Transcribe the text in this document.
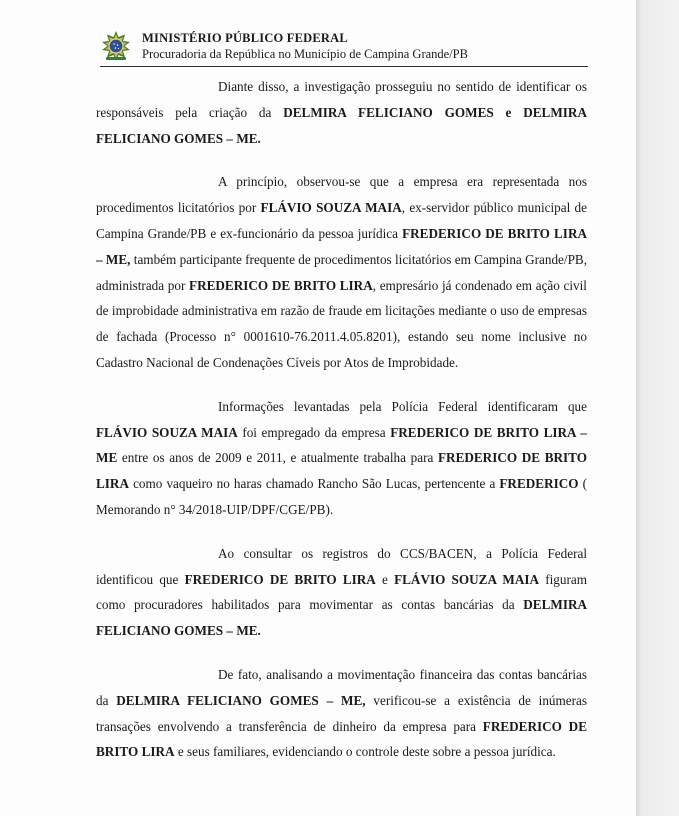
MINISTÉRIO PÚBLICO FEDERAL
Procuradoria da República no Município de Campina Grande/PB

Diante disso, a investigação prosseguiu no sentido de identificar os responsáveis pela criação da DELMIRA FELICIANO GOMES e DELMIRA FELICIANO GOMES – ME.

A princípio, observou-se que a empresa era representada nos procedimentos licitatórios por FLÁVIO SOUZA MAIA, ex-servidor público municipal de Campina Grande/PB e ex-funcionário da pessoa jurídica FREDERICO DE BRITO LIRA – ME, também participante frequente de procedimentos licitatórios em Campina Grande/PB, administrada por FREDERICO DE BRITO LIRA, empresário já condenado em ação civil de improbidade administrativa em razão de fraude em licitações mediante o uso de empresas de fachada (Processo n° 0001610-76.2011.4.05.8201), estando seu nome inclusive no Cadastro Nacional de Condenações Cíveis por Atos de Improbidade.

Informações levantadas pela Polícia Federal identificaram que FLÁVIO SOUZA MAIA foi empregado da empresa FREDERICO DE BRITO LIRA – ME entre os anos de 2009 e 2011, e atualmente trabalha para FREDERICO DE BRITO LIRA como vaqueiro no haras chamado Rancho São Lucas, pertencente a FREDERICO ( Memorando n° 34/2018-UIP/DPF/CGE/PB).

Ao consultar os registros do CCS/BACEN, a Polícia Federal identificou que FREDERICO DE BRITO LIRA e FLÁVIO SOUZA MAIA figuram como procuradores habilitados para movimentar as contas bancárias da DELMIRA FELICIANO GOMES – ME.

De fato, analisando a movimentação financeira das contas bancárias da DELMIRA FELICIANO GOMES – ME, verificou-se a existência de inúmeras transações envolvendo a transferência de dinheiro da empresa para FREDERICO DE BRITO LIRA e seus familiares, evidenciando o controle deste sobre a pessoa jurídica.
